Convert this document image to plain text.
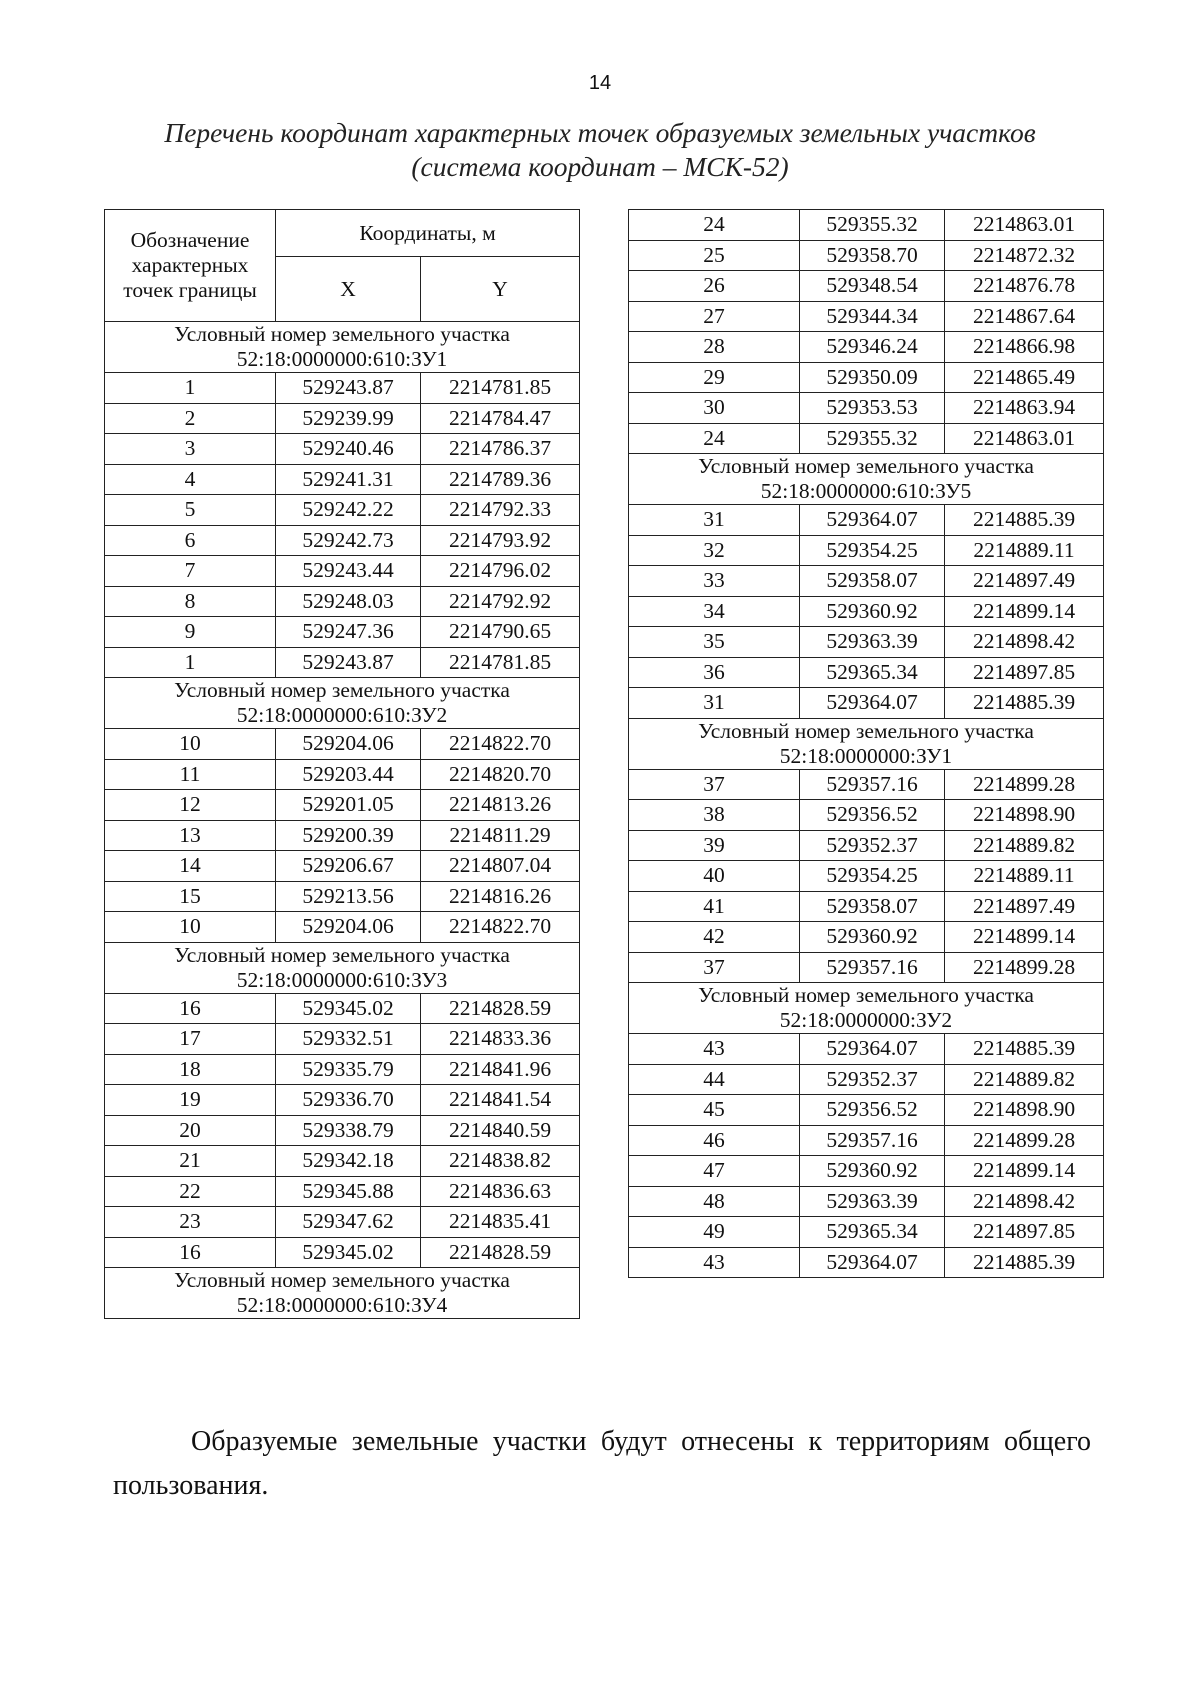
14
Перечень координат характерных точек образуемых земельных участков
(система координат – МСК-52)
Обозначение характерных точек границы	Координаты, м	
	X	Y

Условный номер земельного участка
52:18:0000000:610:ЗУ1		

1	529243.87	2214781.85
2	529239.99	2214784.47
3	529240.46	2214786.37
4	529241.31	2214789.36
5	529242.22	2214792.33
6	529242.73	2214793.92
7	529243.44	2214796.02
8	529248.03	2214792.92
9	529247.36	2214790.65
1	529243.87	2214781.85

Условный номер земельного участка
52:18:0000000:610:ЗУ2		

10	529204.06	2214822.70
11	529203.44	2214820.70
12	529201.05	2214813.26
13	529200.39	2214811.29
14	529206.67	2214807.04
15	529213.56	2214816.26
10	529204.06	2214822.70

Условный номер земельного участка
52:18:0000000:610:ЗУ3		

16	529345.02	2214828.59
17	529332.51	2214833.36
18	529335.79	2214841.96
19	529336.70	2214841.54
20	529338.79	2214840.59
21	529342.18	2214838.82
22	529345.88	2214836.63
23	529347.62	2214835.41
16	529345.02	2214828.59

Условный номер земельного участка
52:18:0000000:610:ЗУ4		
24	529355.32	2214863.01
25	529358.70	2214872.32
26	529348.54	2214876.78
27	529344.34	2214867.64
28	529346.24	2214866.98
29	529350.09	2214865.49
30	529353.53	2214863.94
24	529355.32	2214863.01

Условный номер земельного участка
52:18:0000000:610:ЗУ5		

31	529364.07	2214885.39
32	529354.25	2214889.11
33	529358.07	2214897.49
34	529360.92	2214899.14
35	529363.39	2214898.42
36	529365.34	2214897.85
31	529364.07	2214885.39

Условный номер земельного участка
52:18:0000000:ЗУ1		

37	529357.16	2214899.28
38	529356.52	2214898.90
39	529352.37	2214889.82
40	529354.25	2214889.11
41	529358.07	2214897.49
42	529360.92	2214899.14
37	529357.16	2214899.28

Условный номер земельного участка
52:18:0000000:ЗУ2		

43	529364.07	2214885.39
44	529352.37	2214889.82
45	529356.52	2214898.90
46	529357.16	2214899.28
47	529360.92	2214899.14
48	529363.39	2214898.42
49	529365.34	2214897.85
43	529364.07	2214885.39
Образуемые земельные участки будут отнесены к территориям общего пользования.
